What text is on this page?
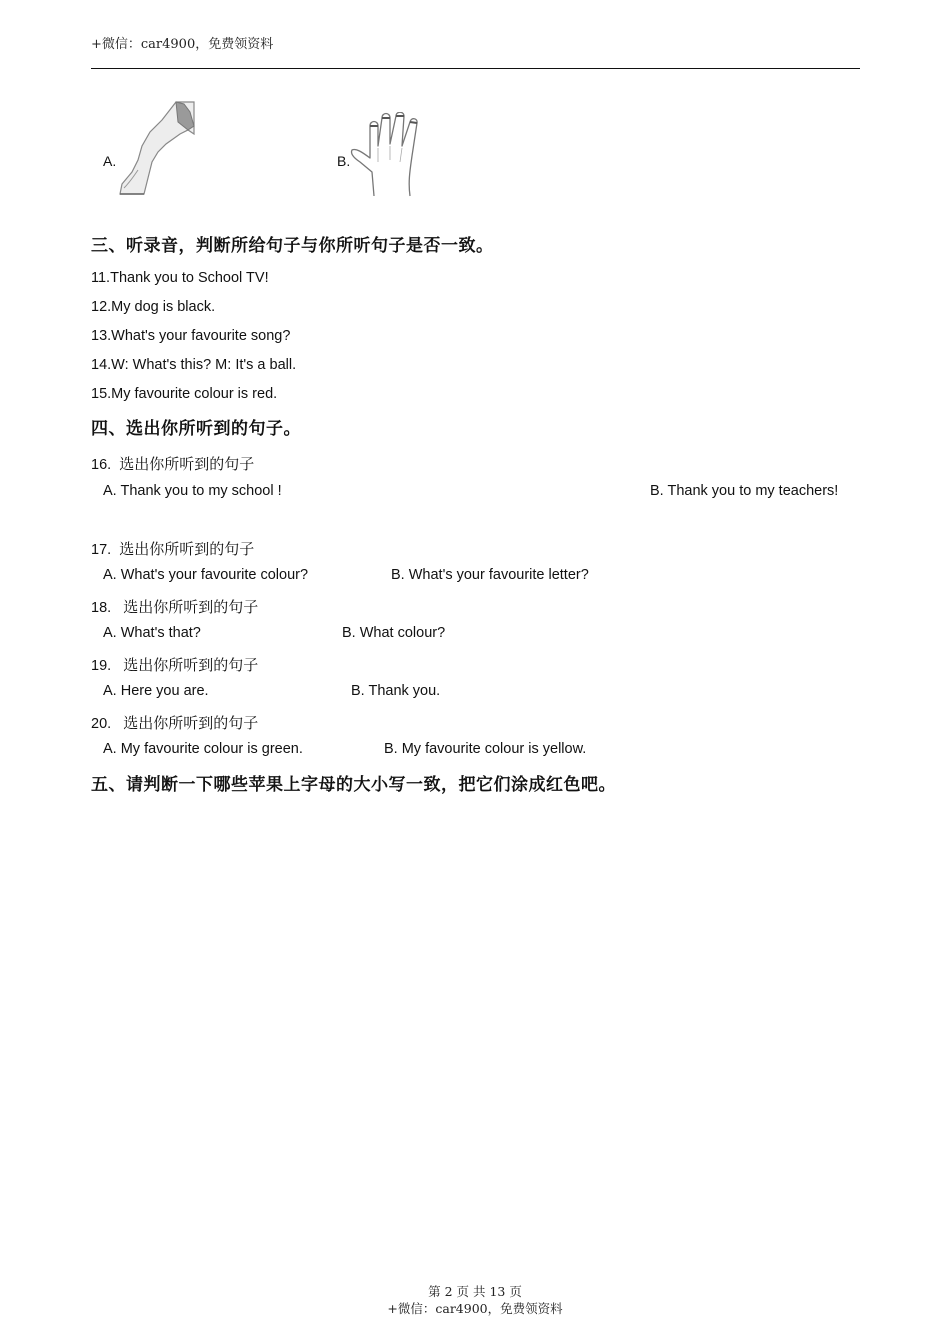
+微信：car4900，免费领资料
A.	B.
三、听录音，判断所给句子与你所听句子是否一致。
11.Thank you to School TV!
12.My dog is black.
13.What's your favourite song?
14.W: What's this? M: It's a ball.
15.My favourite colour is red.
四、选出你所听到的句子。
16. 选出你所听到的句子
A. Thank you to my school !	B. Thank you to my teachers!
17. 选出你所听到的句子
A. What's your favourite colour?	B. What's your favourite letter?
18. 选出你所听到的句子
A. What's that?	B. What colour?
19. 选出你所听到的句子
A. Here you are.	B. Thank you.
20. 选出你所听到的句子
A. My favourite colour is green.	B. My favourite colour is yellow.
五、请判断一下哪些苹果上字母的大小写一致，把它们涂成红色吧。
第 2 页 共 13 页
+微信：car4900，免费领资料
